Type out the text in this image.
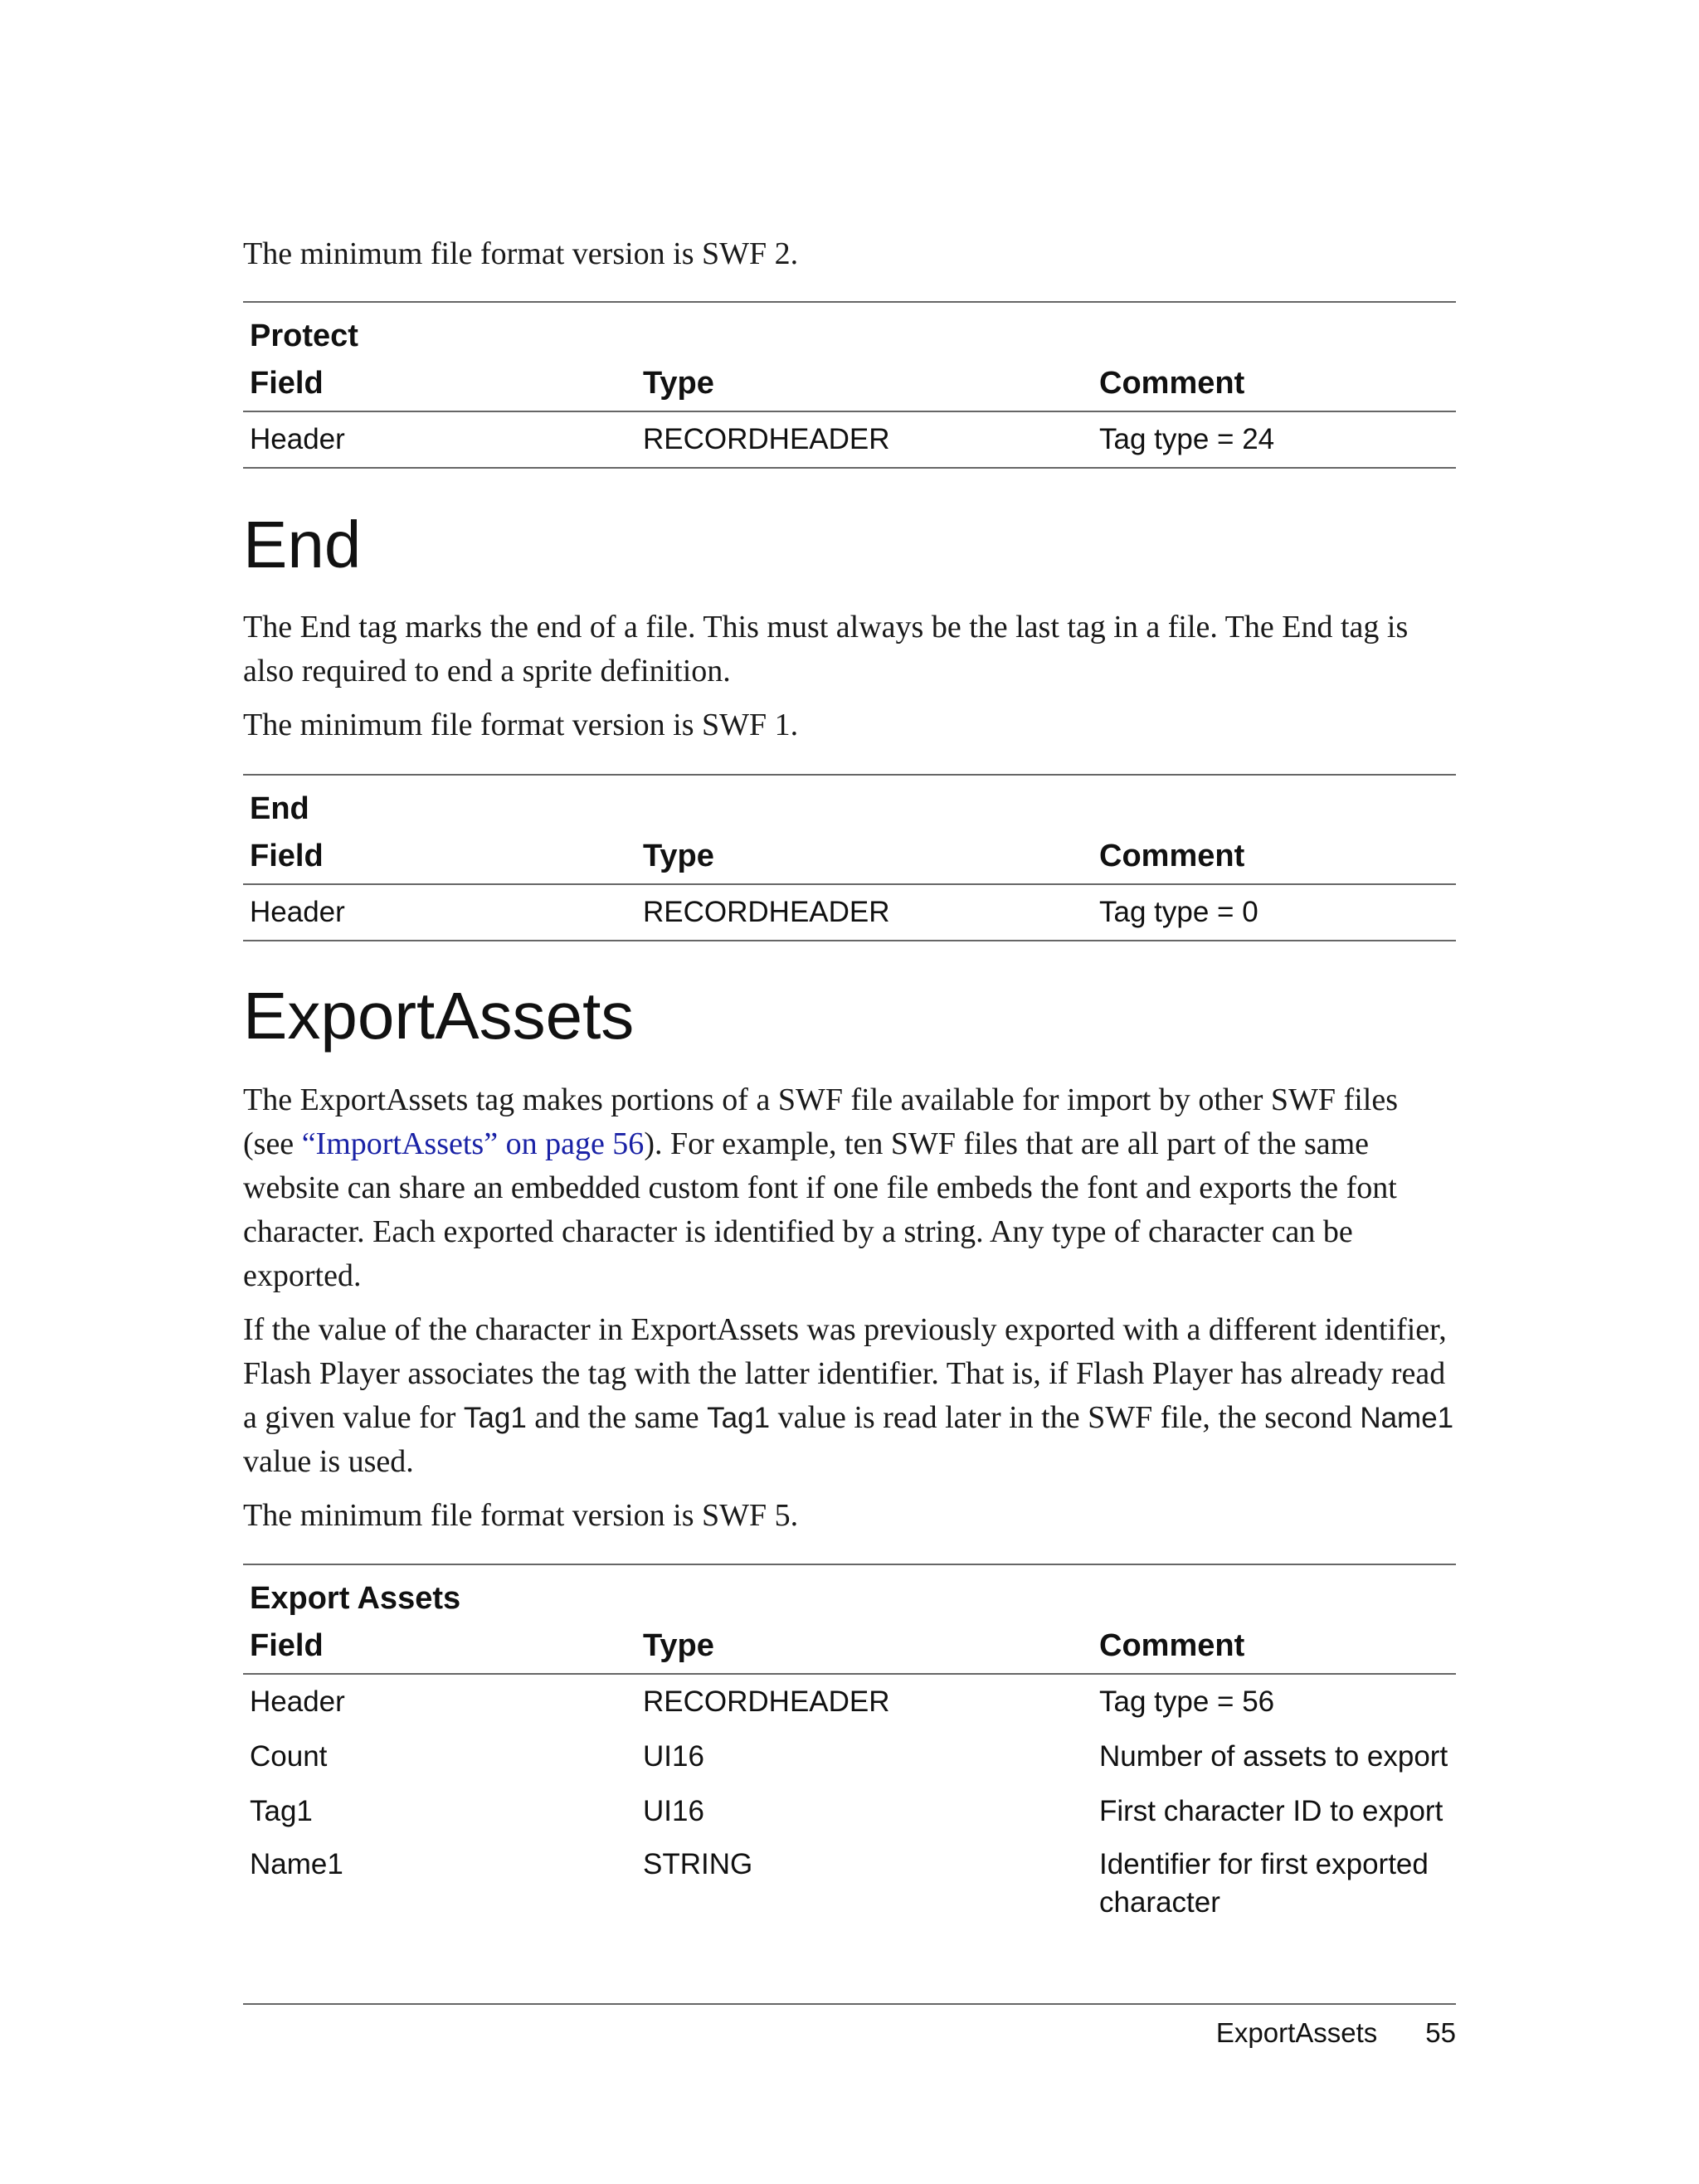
The minimum file format version is SWF 2.

Protect		
Field	Type	Comment
Header	RECORDHEADER	Tag type = 24
End

The End tag marks the end of a file. This must always be the last tag in a file. The End tag is also required to end a sprite definition.

The minimum file format version is SWF 1.

End		
Field	Type	Comment
Header	RECORDHEADER	Tag type = 0
ExportAssets

The ExportAssets tag makes portions of a SWF file available for import by other SWF files (see “ImportAssets” on page 56). For example, ten SWF files that are all part of the same website can share an embedded custom font if one file embeds the font and exports the font character. Each exported character is identified by a string. Any type of character can be exported.

If the value of the character in ExportAssets was previously exported with a different identifier, Flash Player associates the tag with the latter identifier. That is, if Flash Player has already read a given value for Tag1 and the same Tag1 value is read later in the SWF file, the second Name1 value is used.

The minimum file format version is SWF 5.

Export Assets		
Field	Type	Comment
Header	RECORDHEADER	Tag type = 56
Count	UI16	Number of assets to export
Tag1	UI16	First character ID to export
Name1	STRING	Identifier for first exported character
ExportAssets 55
